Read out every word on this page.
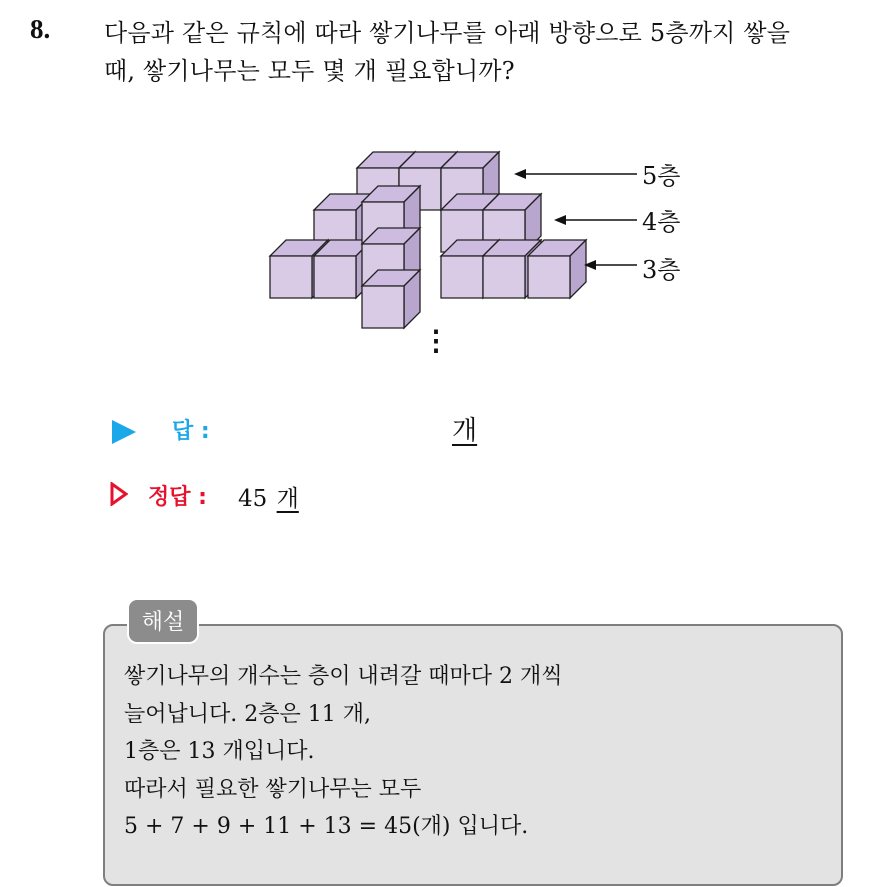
8. 다음과 같은 규칙에 따라 쌓기나무를 아래 방향으로 5층까지 쌓을
때, 쌓기나무는 모두 몇 개 필요합니까?
5층
4층
3층
⋮
답 :	개
정답 : 45 개
해설
쌓기나무의 개수는 층이 내려갈 때마다 2 개씩
늘어납니다. 2층은 11 개,
1층은 13 개입니다.
따라서 필요한 쌓기나무는 모두
5 + 7 + 9 + 11 + 13 = 45(개) 입니다.
